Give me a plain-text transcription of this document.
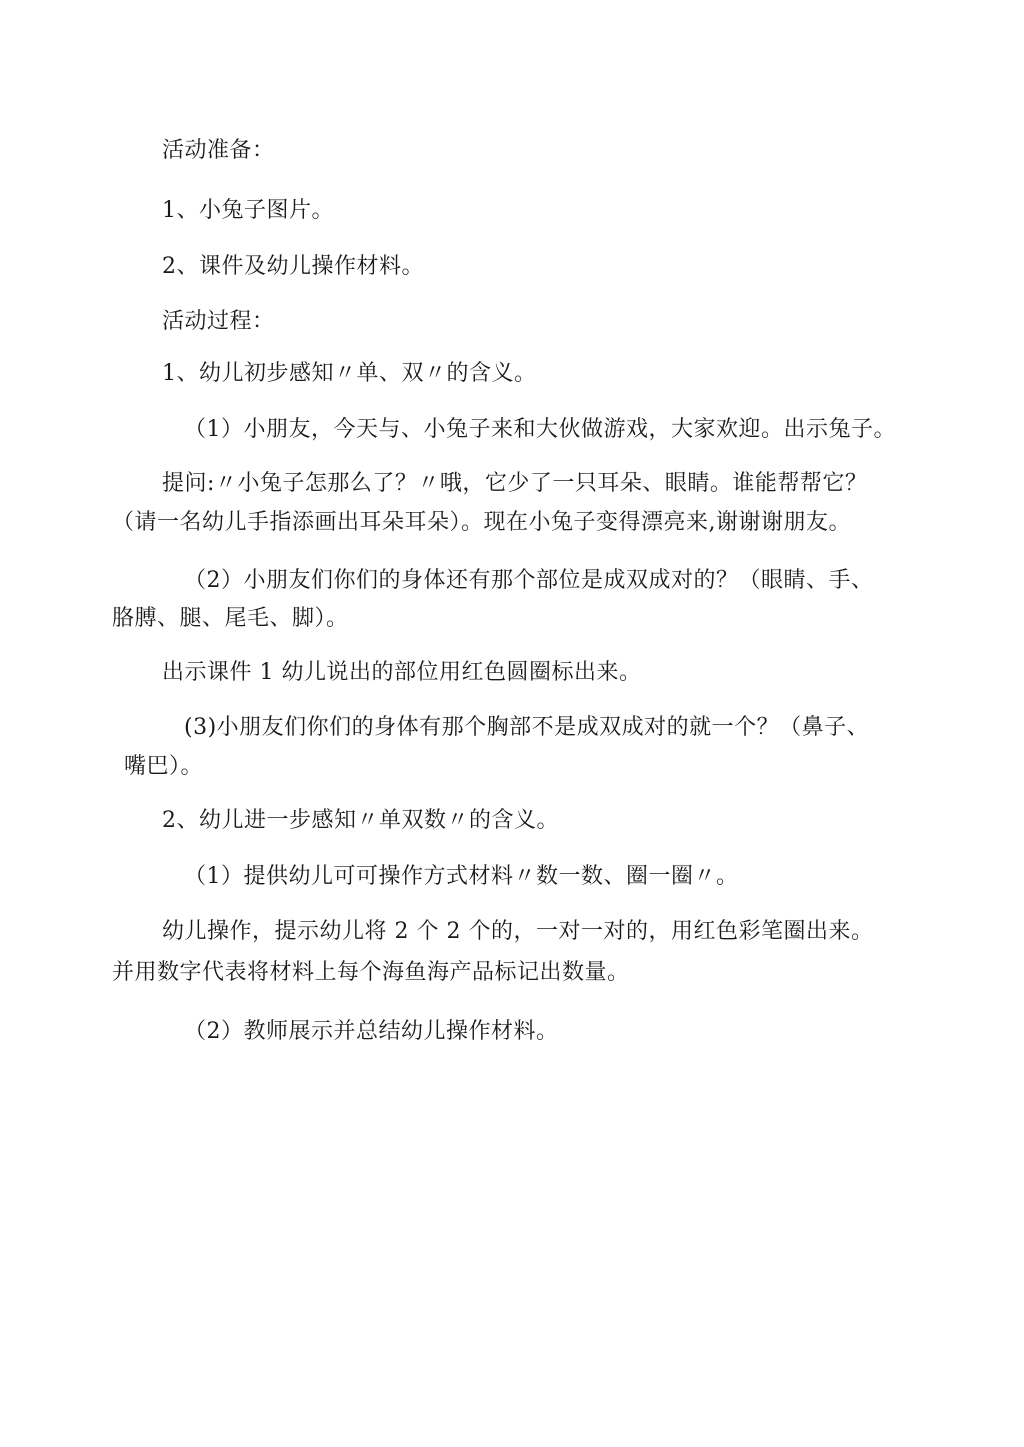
活动准备：
1、小兔子图片。
2、课件及幼儿操作材料。
活动过程：
1、幼儿初步感知〃单、双〃的含义。
（1）小朋友，今天与、小兔子来和大伙做游戏，大家欢迎。出示兔子。
提问:〃小兔子怎那么了？〃哦，它少了一只耳朵、眼睛。谁能帮帮它？
（请一名幼儿手指添画出耳朵耳朵）。现在小兔子变得漂亮来,谢谢谢朋友。
（2）小朋友们你们的身体还有那个部位是成双成对的？（眼睛、手、
胳膊、腿、尾毛、脚）。
出示课件 1 幼儿说出的部位用红色圆圈标出来。
(3)小朋友们你们的身体有那个胸部不是成双成对的就一个？（鼻子、
嘴巴）。
2、幼儿进一步感知〃单双数〃的含义。
（1）提供幼儿可可操作方式材料〃数一数、圈一圈〃。
幼儿操作，提示幼儿将 2 个 2 个的，一对一对的，用红色彩笔圈出来。
并用数字代表将材料上每个海鱼海产品标记出数量。
（2）教师展示并总结幼儿操作材料。
